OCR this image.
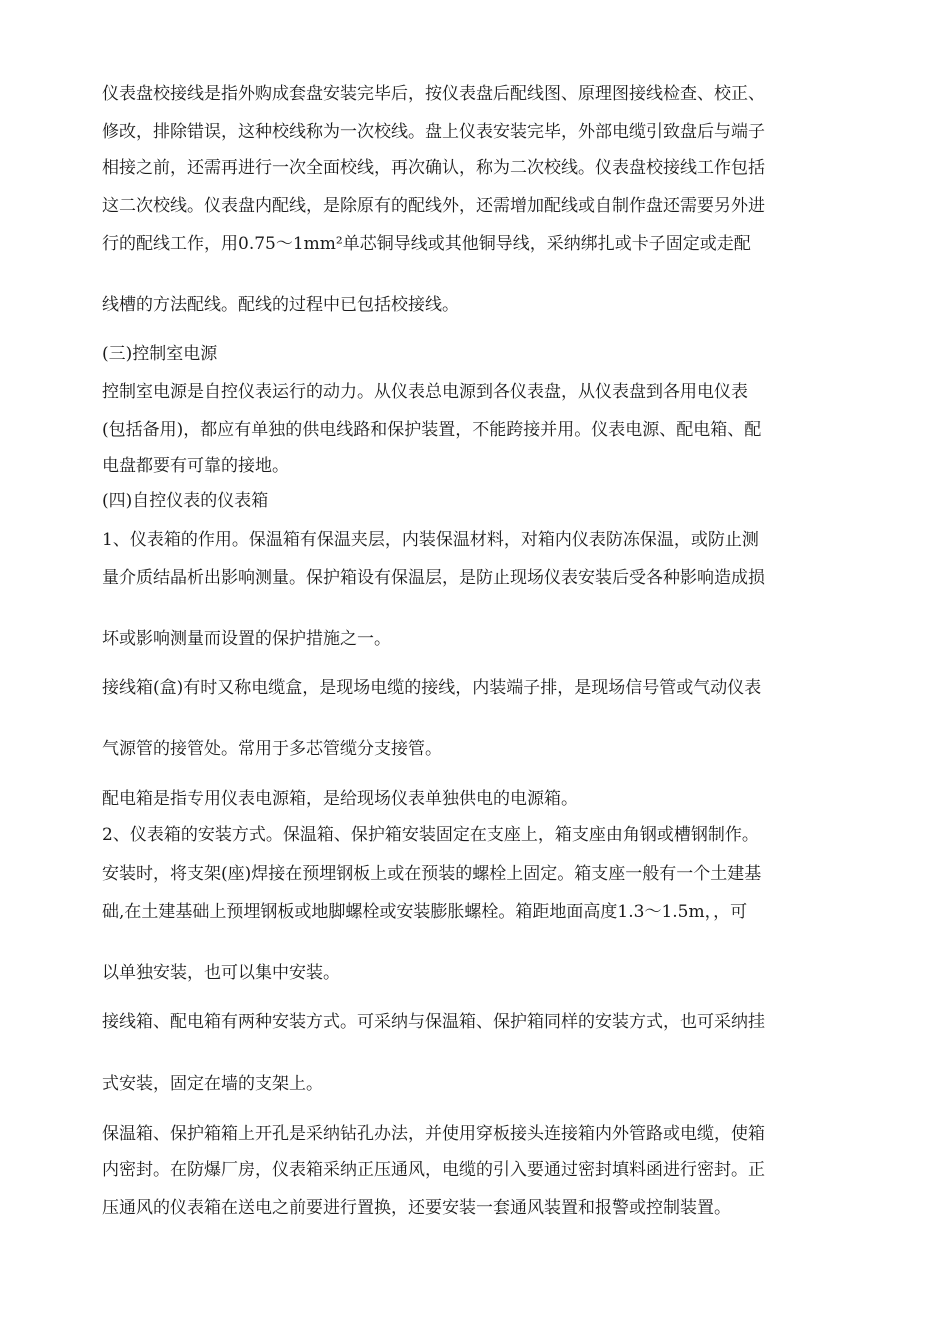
仪表盘校接线是指外购成套盘安装完毕后，按仪表盘后配线图、原理图接线检查、校正、

修改，排除错误，这种校线称为一次校线。盘上仪表安装完毕，外部电缆引致盘后与端子

相接之前，还需再进行一次全面校线，再次确认，称为二次校线。仪表盘校接线工作包括

这二次校线。仪表盘内配线，是除原有的配线外，还需增加配线或自制作盘还需要另外进

行的配线工作，用0.75～1mm²单芯铜导线或其他铜导线，采纳绑扎或卡子固定或走配

线槽的方法配线。配线的过程中已包括校接线。

(三)控制室电源

控制室电源是自控仪表运行的动力。从仪表总电源到各仪表盘，从仪表盘到各用电仪表

(包括备用)，都应有单独的供电线路和保护装置，不能跨接并用。仪表电源、配电箱、配

电盘都要有可靠的接地。

(四)自控仪表的仪表箱

1、仪表箱的作用。保温箱有保温夹层，内装保温材料，对箱内仪表防冻保温，或防止测

量介质结晶析出影响测量。保护箱设有保温层，是防止现场仪表安装后受各种影响造成损

坏或影响测量而设置的保护措施之一。

接线箱(盒)有时又称电缆盒，是现场电缆的接线，内装端子排，是现场信号管或气动仪表

气源管的接管处。常用于多芯管缆分支接管。

配电箱是指专用仪表电源箱，是给现场仪表单独供电的电源箱。

2、仪表箱的安装方式。保温箱、保护箱安装固定在支座上，箱支座由角钢或槽钢制作。

安装时，将支架(座)焊接在预埋钢板上或在预装的螺栓上固定。箱支座一般有一个土建基

础,在土建基础上预埋钢板或地脚螺栓或安装膨胀螺栓。箱距地面高度1.3～1.5m，，可

以单独安装，也可以集中安装。

接线箱、配电箱有两种安装方式。可采纳与保温箱、保护箱同样的安装方式，也可采纳挂

式安装，固定在墙的支架上。

保温箱、保护箱箱上开孔是采纳钻孔办法，并使用穿板接头连接箱内外管路或电缆，使箱

内密封。在防爆厂房，仪表箱采纳正压通风，电缆的引入要通过密封填料函进行密封。正

压通风的仪表箱在送电之前要进行置换，还要安装一套通风装置和报警或控制装置。
